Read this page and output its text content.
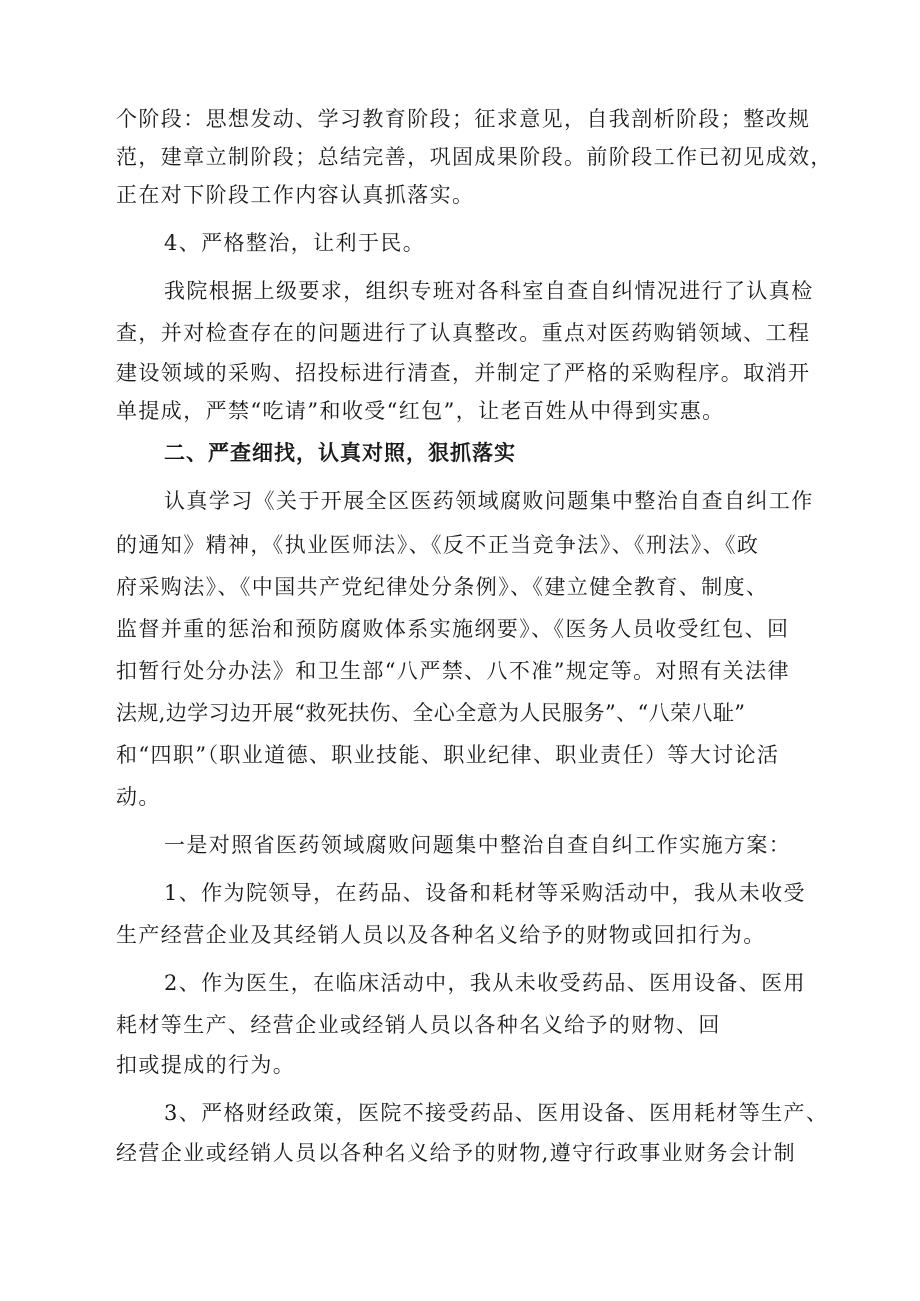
个阶段：思想发动、学习教育阶段；征求意见，自我剖析阶段；整改规
范，建章立制阶段；总结完善，巩固成果阶段。前阶段工作已初见成效，
正在对下阶段工作内容认真抓落实。
4、严格整治，让利于民。
我院根据上级要求，组织专班对各科室自查自纠情况进行了认真检
查，并对检查存在的问题进行了认真整改。重点对医药购销领域、工程
建设领域的采购、招投标进行清查，并制定了严格的采购程序。取消开
单提成，严禁“吃请”和收受“红包”，让老百姓从中得到实惠。
二、严查细找，认真对照，狠抓落实
认真学习《关于开展全区医药领域腐败问题集中整治自查自纠工作
的通知》精神，《执业医师法》、《反不正当竞争法》、《刑法》、《政
府采购法》、《中国共产党纪律处分条例》、《建立健全教育、制度、
监督并重的惩治和预防腐败体系实施纲要》、《医务人员收受红包、回
扣暂行处分办法》和卫生部“八严禁、八不准”规定等。对照有关法律
法规,边学习边开展“救死扶伤、全心全意为人民服务”、“八荣八耻”
和“四职”（职业道德、职业技能、职业纪律、职业责任）等大讨论活
动。
一是对照省医药领域腐败问题集中整治自查自纠工作实施方案：
1、作为院领导，在药品、设备和耗材等采购活动中，我从未收受
生产经营企业及其经销人员以及各种名义给予的财物或回扣行为。
2、作为医生，在临床活动中，我从未收受药品、医用设备、医用
耗材等生产、经营企业或经销人员以各种名义给予的财物、回
扣或提成的行为。
3、严格财经政策，医院不接受药品、医用设备、医用耗材等生产、
经营企业或经销人员以各种名义给予的财物,遵守行政事业财务会计制
